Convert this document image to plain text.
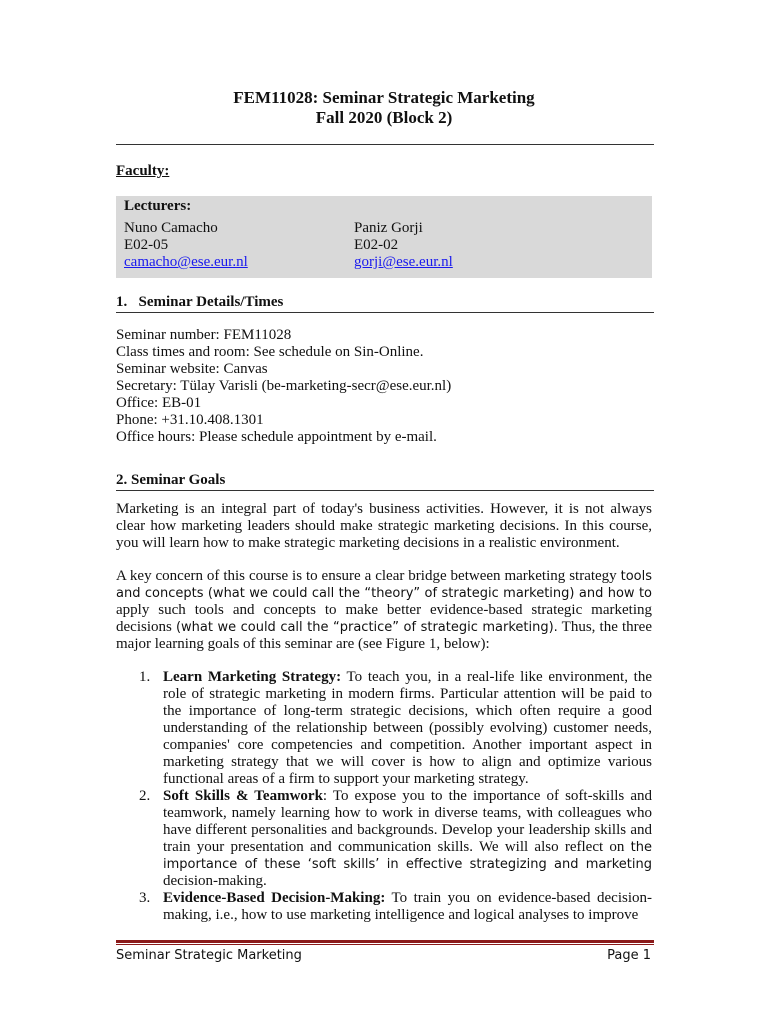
FEM11028: Seminar Strategic Marketing
Fall 2020 (Block 2)
Faculty:
Lecturers:
Nuno Camacho
E02-05
camacho@ese.eur.nl
Paniz Gorji
E02-02
gorji@ese.eur.nl
1.   Seminar Details/Times
Seminar number: FEM11028
Class times and room: See schedule on Sin-Online.
Seminar website: Canvas
Secretary: Tülay Varisli (be-marketing-secr@ese.eur.nl)
Office: EB-01
Phone: +31.10.408.1301
Office hours: Please schedule appointment by e-mail.
2. Seminar Goals
Marketing is an integral part of today's business activities. However, it is not always clear how marketing leaders should make strategic marketing decisions. In this course, you will learn how to make strategic marketing decisions in a realistic environment.
A key concern of this course is to ensure a clear bridge between marketing strategy tools and concepts (what we could call the “theory” of strategic marketing) and how to apply such tools and concepts to make better evidence-based strategic marketing decisions (what we could call the “practice” of strategic marketing). Thus, the three major learning goals of this seminar are (see Figure 1, below):
1. Learn Marketing Strategy: To teach you, in a real-life like environment, the role of strategic marketing in modern firms. Particular attention will be paid to the importance of long-term strategic decisions, which often require a good understanding of the relationship between (possibly evolving) customer needs, companies' core competencies and competition. Another important aspect in marketing strategy that we will cover is how to align and optimize various functional areas of a firm to support your marketing strategy.
2. Soft Skills & Teamwork: To expose you to the importance of soft-skills and teamwork, namely learning how to work in diverse teams, with colleagues who have different personalities and backgrounds. Develop your leadership skills and train your presentation and communication skills. We will also reflect on the importance of these ‘soft skills’ in effective strategizing and marketing decision-making.
3. Evidence-Based Decision-Making: To train you on evidence-based decision-making, i.e., how to use marketing intelligence and logical analyses to improve
Seminar Strategic Marketing	Page 1
